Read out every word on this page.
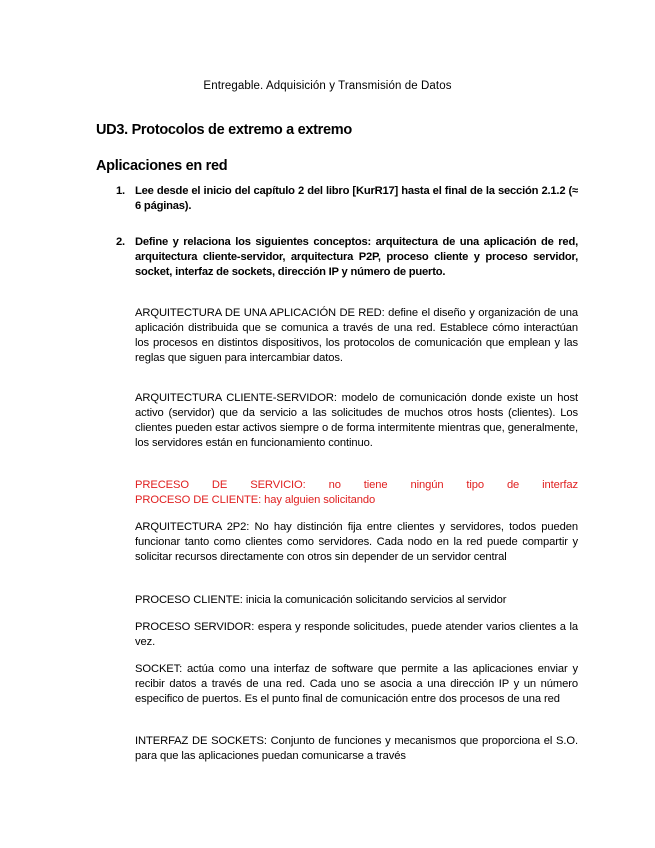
Entregable. Adquisición y Transmisión de Datos
UD3. Protocolos de extremo a extremo
Aplicaciones en red
1. Lee desde el inicio del capítulo 2 del libro [KurR17] hasta el final de la sección 2.1.2 (≈ 6 páginas).
2. Define y relaciona los siguientes conceptos: arquitectura de una aplicación de red, arquitectura cliente-servidor, arquitectura P2P, proceso cliente y proceso servidor, socket, interfaz de sockets, dirección IP y número de puerto.
ARQUITECTURA DE UNA APLICACIÓN DE RED: define el diseño y organización de una aplicación distribuida que se comunica a través de una red. Establece cómo interactúan los procesos en distintos dispositivos, los protocolos de comunicación que emplean y las reglas que siguen para intercambiar datos.
ARQUITECTURA CLIENTE-SERVIDOR: modelo de comunicación donde existe un host activo (servidor) que da servicio a las solicitudes de muchos otros hosts (clientes). Los clientes pueden estar activos siempre o de forma intermitente mientras que, generalmente, los servidores están en funcionamiento continuo.
PRECESO DE SERVICIO: no tiene ningún tipo de interfaz
PROCESO DE CLIENTE: hay alguien solicitando
ARQUITECTURA 2P2: No hay distinción fija entre clientes y servidores, todos pueden funcionar tanto como clientes como servidores. Cada nodo en la red puede compartir y solicitar recursos directamente con otros sin depender de un servidor central
PROCESO CLIENTE: inicia la comunicación solicitando servicios al servidor
PROCESO SERVIDOR: espera y responde solicitudes, puede atender varios clientes a la vez.
SOCKET: actúa como una interfaz de software que permite a las aplicaciones enviar y recibir datos a través de una red. Cada uno se asocia a una dirección IP y un número especifico de puertos. Es el punto final de comunicación entre dos procesos de una red
INTERFAZ DE SOCKETS: Conjunto de funciones y mecanismos que proporciona el S.O. para que las aplicaciones puedan comunicarse a través
